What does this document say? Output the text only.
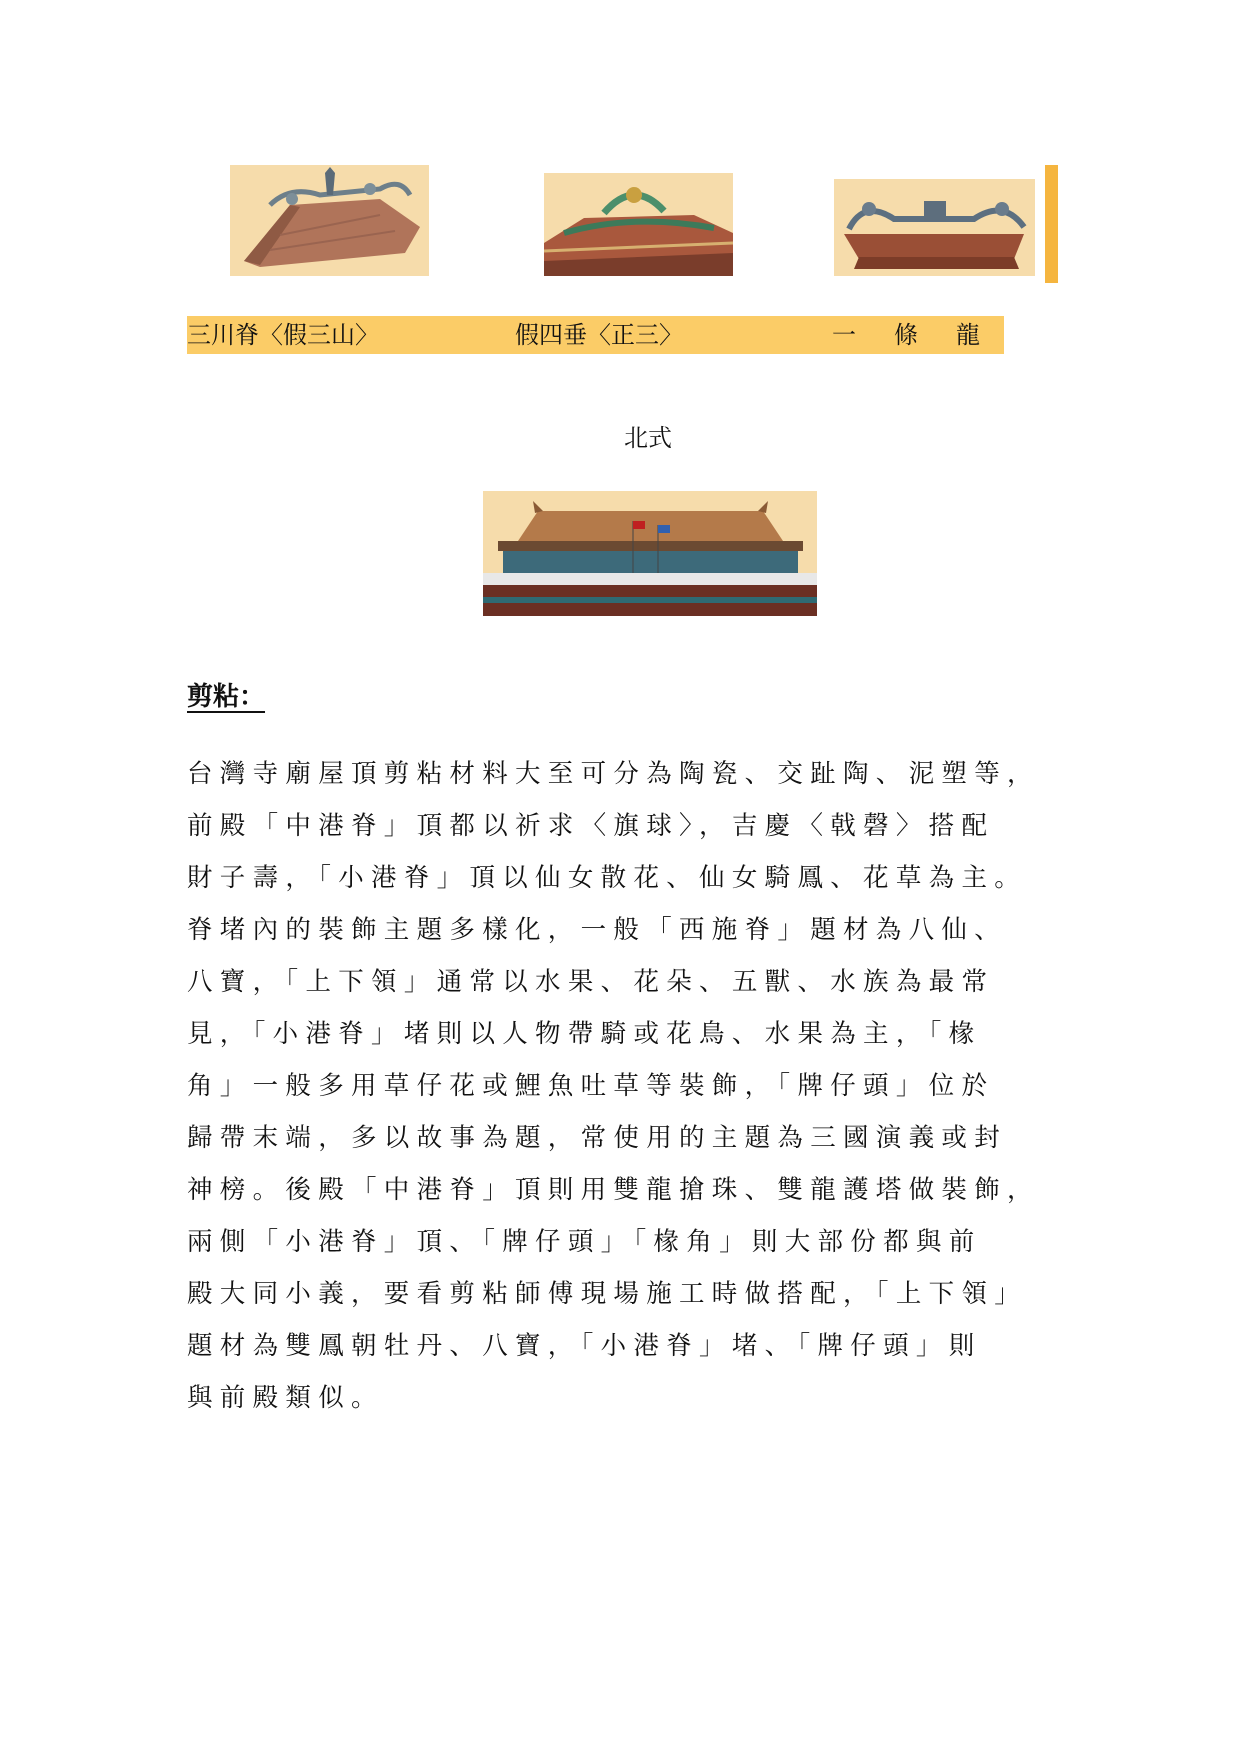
三川脊〈假三山〉	假四垂〈正三〉	一條龍
北式
剪粘：
台灣寺廟屋頂剪粘材料大至可分為陶瓷、交趾陶、泥塑等，
前殿「中港脊」頂都以祈求〈旗球〉，吉慶〈戟磬〉搭配
財子壽，「小港脊」頂以仙女散花、仙女騎鳳、花草為主。
脊堵內的裝飾主題多樣化，一般「西施脊」題材為八仙、
八寶，「上下領」通常以水果、花朵、五獸、水族為最常
見，「小港脊」堵則以人物帶騎或花鳥、水果為主，「椽
角」一般多用草仔花或鯉魚吐草等裝飾，「牌仔頭」位於
歸帶末端，多以故事為題，常使用的主題為三國演義或封
神榜。後殿「中港脊」頂則用雙龍搶珠、雙龍護塔做裝飾，
兩側「小港脊」頂、「牌仔頭」「椽角」則大部份都與前
殿大同小義，要看剪粘師傅現場施工時做搭配，「上下領」
題材為雙鳳朝牡丹、八寶，「小港脊」堵、「牌仔頭」則
與前殿類似。
